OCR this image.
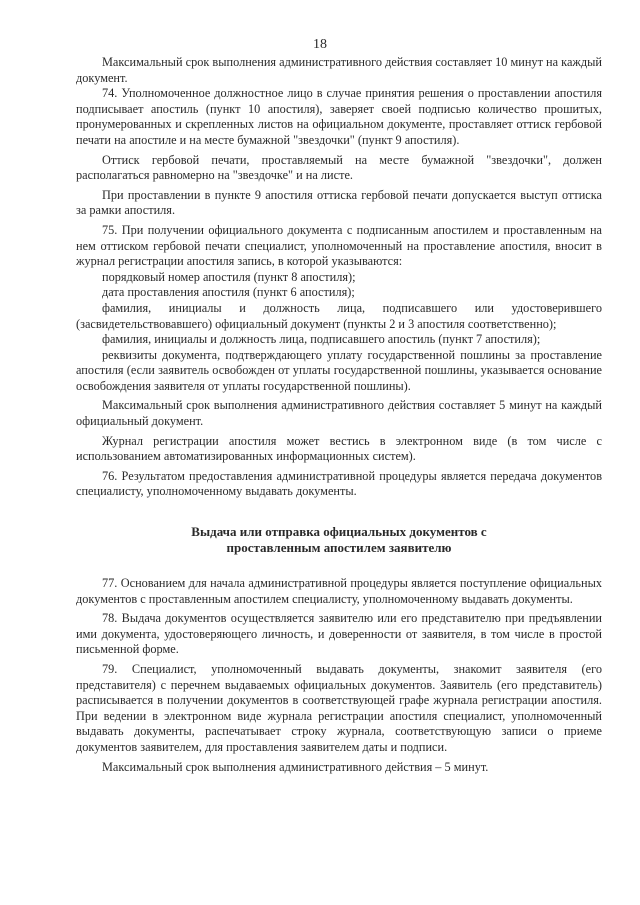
18

Максимальный срок выполнения административного действия составляет 10 минут на каждый документ.

74. Уполномоченное должностное лицо в случае принятия решения о проставлении апостиля подписывает апостиль (пункт 10 апостиля), заверяет своей подписью количество прошитых, пронумерованных и скрепленных листов на официальном документе, проставляет оттиск гербовой печати на апостиле и на месте бумажной "звездочки" (пункт 9 апостиля).

Оттиск гербовой печати, проставляемый на месте бумажной "звездочки", должен располагаться равномерно на "звездочке" и на листе.

При проставлении в пункте 9 апостиля оттиска гербовой печати допускается выступ оттиска за рамки апостиля.

75. При получении официального документа с подписанным апостилем и проставленным на нем оттиском гербовой печати специалист, уполномоченный на проставление апостиля, вносит в журнал регистрации апостиля запись, в которой указываются:

порядковый номер апостиля (пункт 8 апостиля);

дата проставления апостиля (пункт 6 апостиля);

фамилия, инициалы и должность лица, подписавшего или удостоверившего (засвидетельствовавшего) официальный документ (пункты 2 и 3 апостиля соответственно);

фамилия, инициалы и должность лица, подписавшего апостиль (пункт 7 апостиля);

реквизиты документа, подтверждающего уплату государственной пошлины за проставление апостиля (если заявитель освобожден от уплаты государственной пошлины, указывается основание освобождения заявителя от уплаты государственной пошлины).

Максимальный срок выполнения административного действия составляет 5 минут на каждый официальный документ.

Журнал регистрации апостиля может вестись в электронном виде (в том числе с использованием автоматизированных информационных систем).

76. Результатом предоставления административной процедуры является передача документов специалисту, уполномоченному выдавать документы.

Выдача или отправка официальных документов с
проставленным апостилем заявителю

77. Основанием для начала административной процедуры является поступление официальных документов с проставленным апостилем специалисту, уполномоченному выдавать документы.

78. Выдача документов осуществляется заявителю или его представителю при предъявлении ими документа, удостоверяющего личность, и доверенности от заявителя, в том числе в простой письменной форме.

79. Специалист, уполномоченный выдавать документы, знакомит заявителя (его представителя) с перечнем выдаваемых официальных документов. Заявитель (его представитель) расписывается в получении документов в соответствующей графе журнала регистрации апостиля. При ведении в электронном виде журнала регистрации апостиля специалист, уполномоченный выдавать документы, распечатывает строку журнала, соответствующую записи о приеме документов заявителем, для проставления заявителем даты и подписи.

Максимальный срок выполнения административного действия – 5 минут.
